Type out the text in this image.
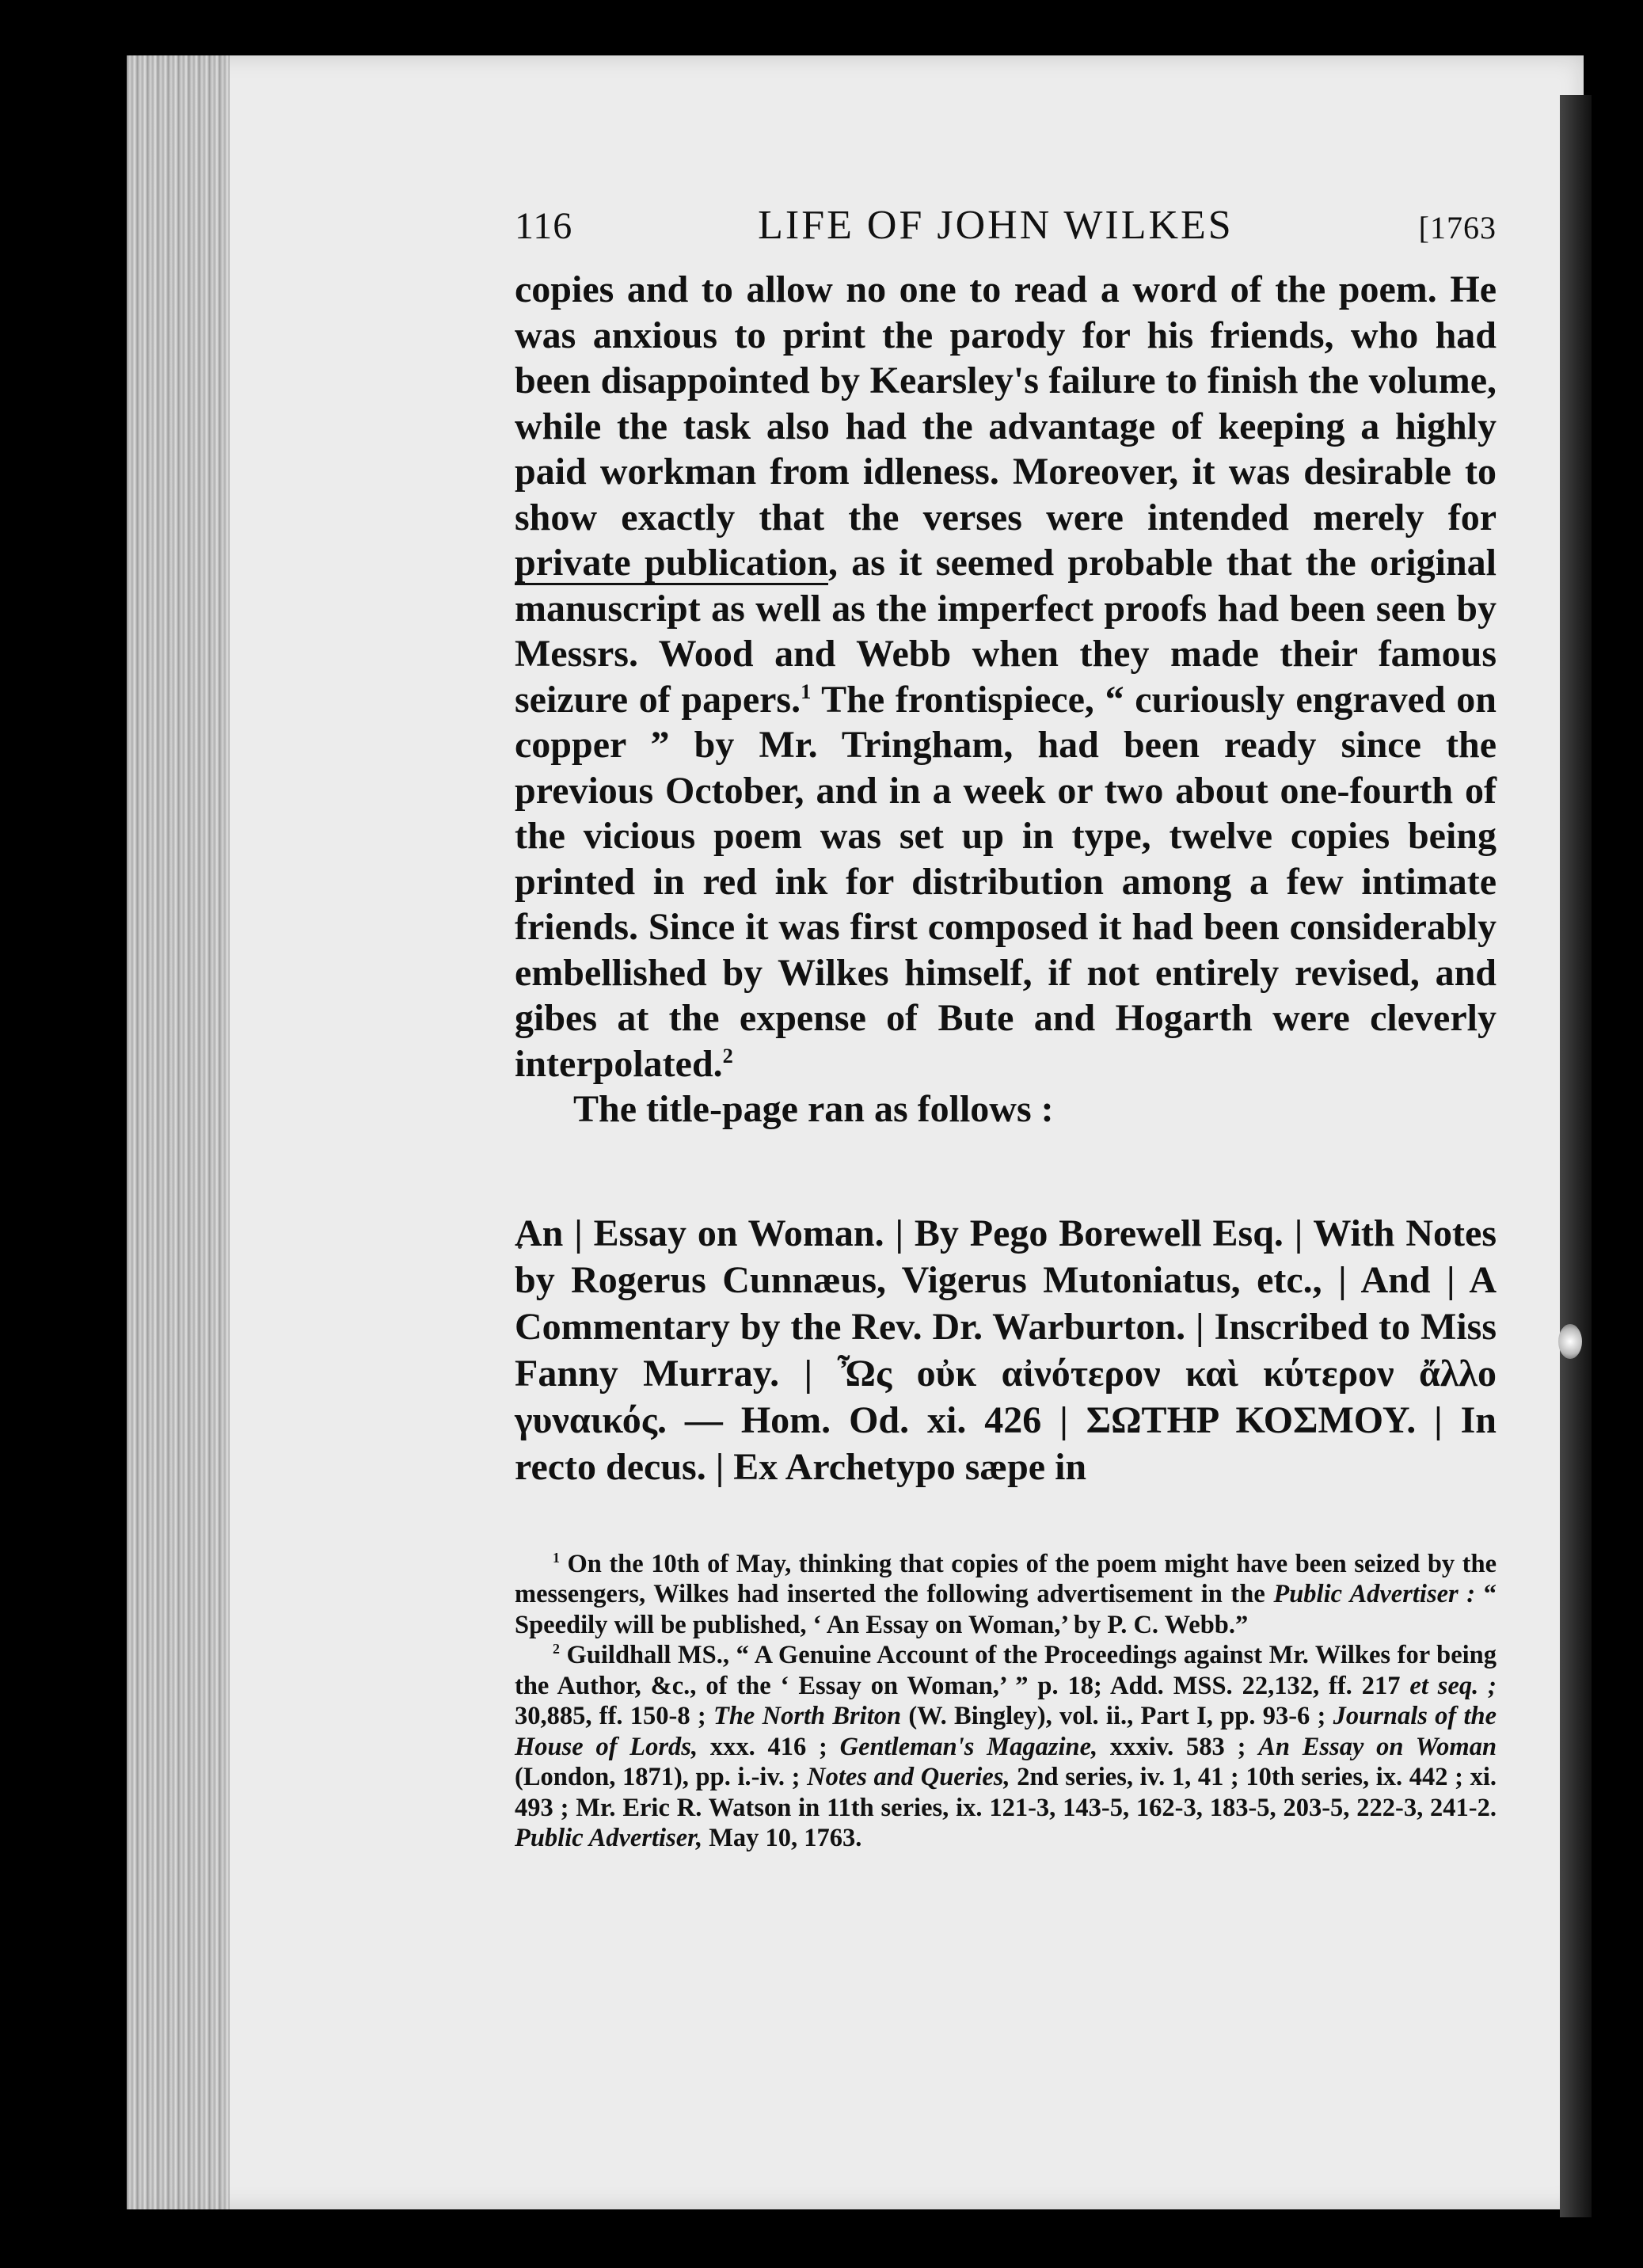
116	LIFE OF JOHN WILKES	[1763

copies and to allow no one to read a word of the poem. He was anxious to print the parody for his friends, who had been disappointed by Kearsley's failure to finish the volume, while the task also had the advantage of keeping a highly paid workman from idleness. Moreover, it was desirable to show exactly that the verses were intended merely for private publication, as it seemed probable that the original manuscript as well as the imperfect proofs had been seen by Messrs. Wood and Webb when they made their famous seizure of papers.$^1$ The frontispiece, “ curiously engraved on copper ” by Mr. Tringham, had been ready since the previous October, and in a week or two about one-fourth of the vicious poem was set up in type, twelve copies being printed in red ink for distribution among a few intimate friends. Since it was first composed it had been considerably embellished by Wilkes himself, if not entirely revised, and gibes at the expense of Bute and Hogarth were cleverly interpolated.$^2$

The title-page ran as follows :

An | Essay on Woman. | By Pego Borewell Esq. | With Notes by Rogerus Cunnæus, Vigerus Mutoniatus, etc., | And | A Commentary by the Rev. Dr. Warburton. | Inscribed to Miss Fanny Murray. | Ὦς οὐκ αἰνότερον καὶ κύτερον ἄλλο γυναικός. — Hom. Od. xi. 426 | ΣΩΤΗΡ ΚΟΣΜΟΥ. | In recto decus. | Ex Archetypo sæpe in

$^1$ On the 10th of May, thinking that copies of the poem might have been seized by the messengers, Wilkes had inserted the following advertisement in the Public Advertiser : “ Speedily will be published, ‘ An Essay on Woman,’ by P. C. Webb.”

$^2$ Guildhall MS., “ A Genuine Account of the Proceedings against Mr. Wilkes for being the Author, &c., of the ‘ Essay on Woman,’ ” p. 18; Add. MSS. 22,132, ff. 217 et seq. ; 30,885, ff. 150-8 ; The North Briton (W. Bingley), vol. ii., Part I, pp. 93-6 ; Journals of the House of Lords, xxx. 416 ; Gentleman's Magazine, xxxiv. 583 ; An Essay on Woman (London, 1871), pp. i.-iv. ; Notes and Queries, 2nd series, iv. 1, 41 ; 10th series, ix. 442 ; xi. 493 ; Mr. Eric R. Watson in 11th series, ix. 121-3, 143-5, 162-3, 183-5, 203-5, 222-3, 241-2. Public Advertiser, May 10, 1763.
